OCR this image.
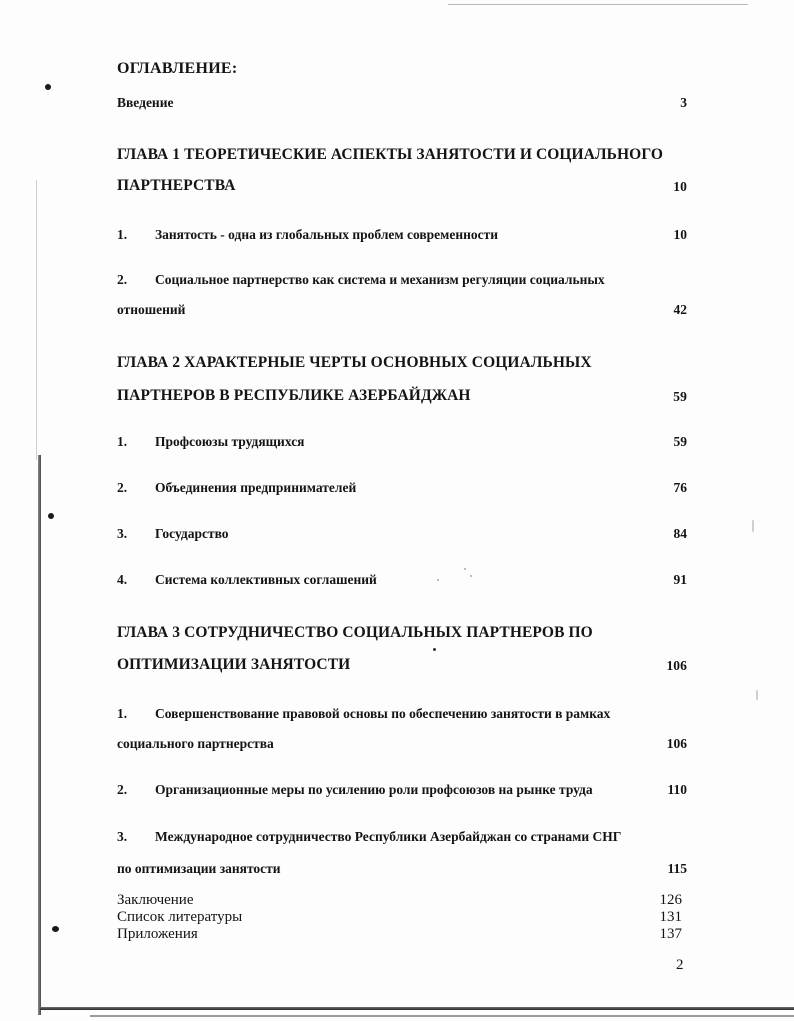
ОГЛАВЛЕНИЕ:
Введение	3
ГЛАВА 1 ТЕОРЕТИЧЕСКИЕ АСПЕКТЫ ЗАНЯТОСТИ И СОЦИАЛЬНОГО
ПАРТНЕРСТВА	10
1. Занятость - одна из глобальных проблем современности	10
2. Социальное партнерство как система и механизм регуляции социальных
отношений	42
ГЛАВА 2 ХАРАКТЕРНЫЕ ЧЕРТЫ ОСНОВНЫХ СОЦИАЛЬНЫХ
ПАРТНЕРОВ В РЕСПУБЛИКЕ АЗЕРБАЙДЖАН	59
1. Профсоюзы трудящихся	59
2. Объединения предпринимателей	76
3. Государство	84
4. Система коллективных соглашений	91
ГЛАВА 3 СОТРУДНИЧЕСТВО СОЦИАЛЬНЫХ ПАРТНЕРОВ ПО
ОПТИМИЗАЦИИ ЗАНЯТОСТИ	106
1. Совершенствование правовой основы по обеспечению занятости в рамках
социального партнерства	106
2. Организационные меры по усилению роли профсоюзов на рынке труда	110
3. Международное сотрудничество Республики Азербайджан со странами СНГ
по оптимизации занятости	115
Заключение	126
Список литературы	131
Приложения	137
2
